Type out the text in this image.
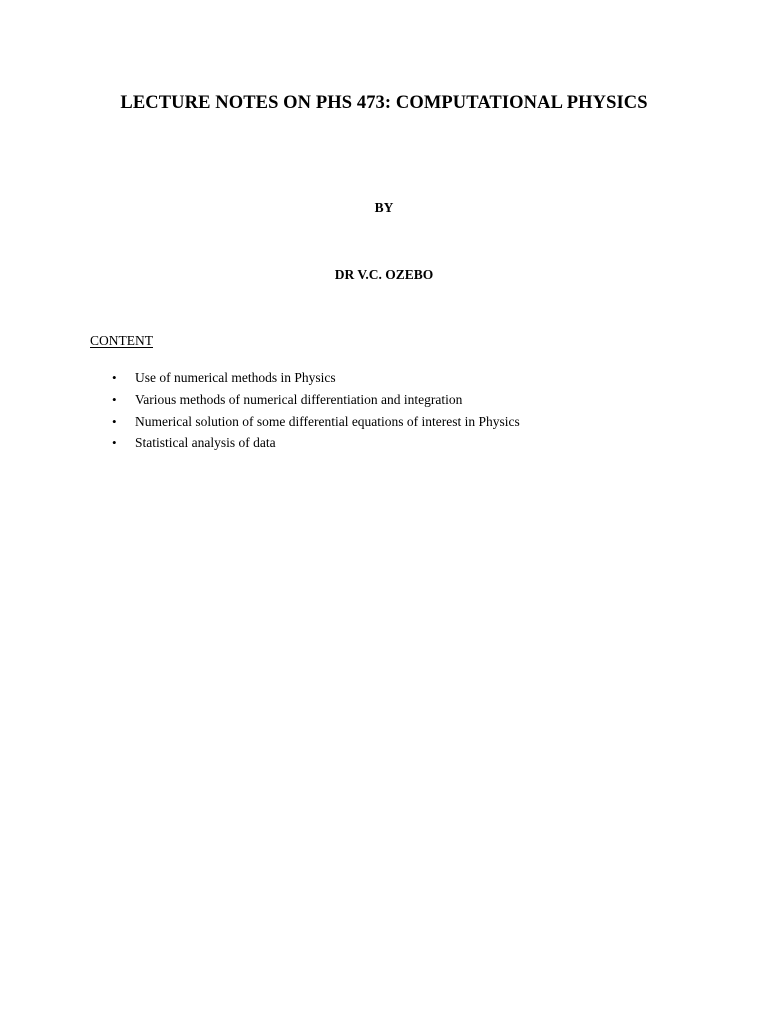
LECTURE NOTES ON PHS 473: COMPUTATIONAL PHYSICS
BY
DR V.C. OZEBO
CONTENT
• Use of numerical methods in Physics
• Various methods of numerical differentiation and integration
• Numerical solution of some differential equations of interest in Physics
• Statistical analysis of data
